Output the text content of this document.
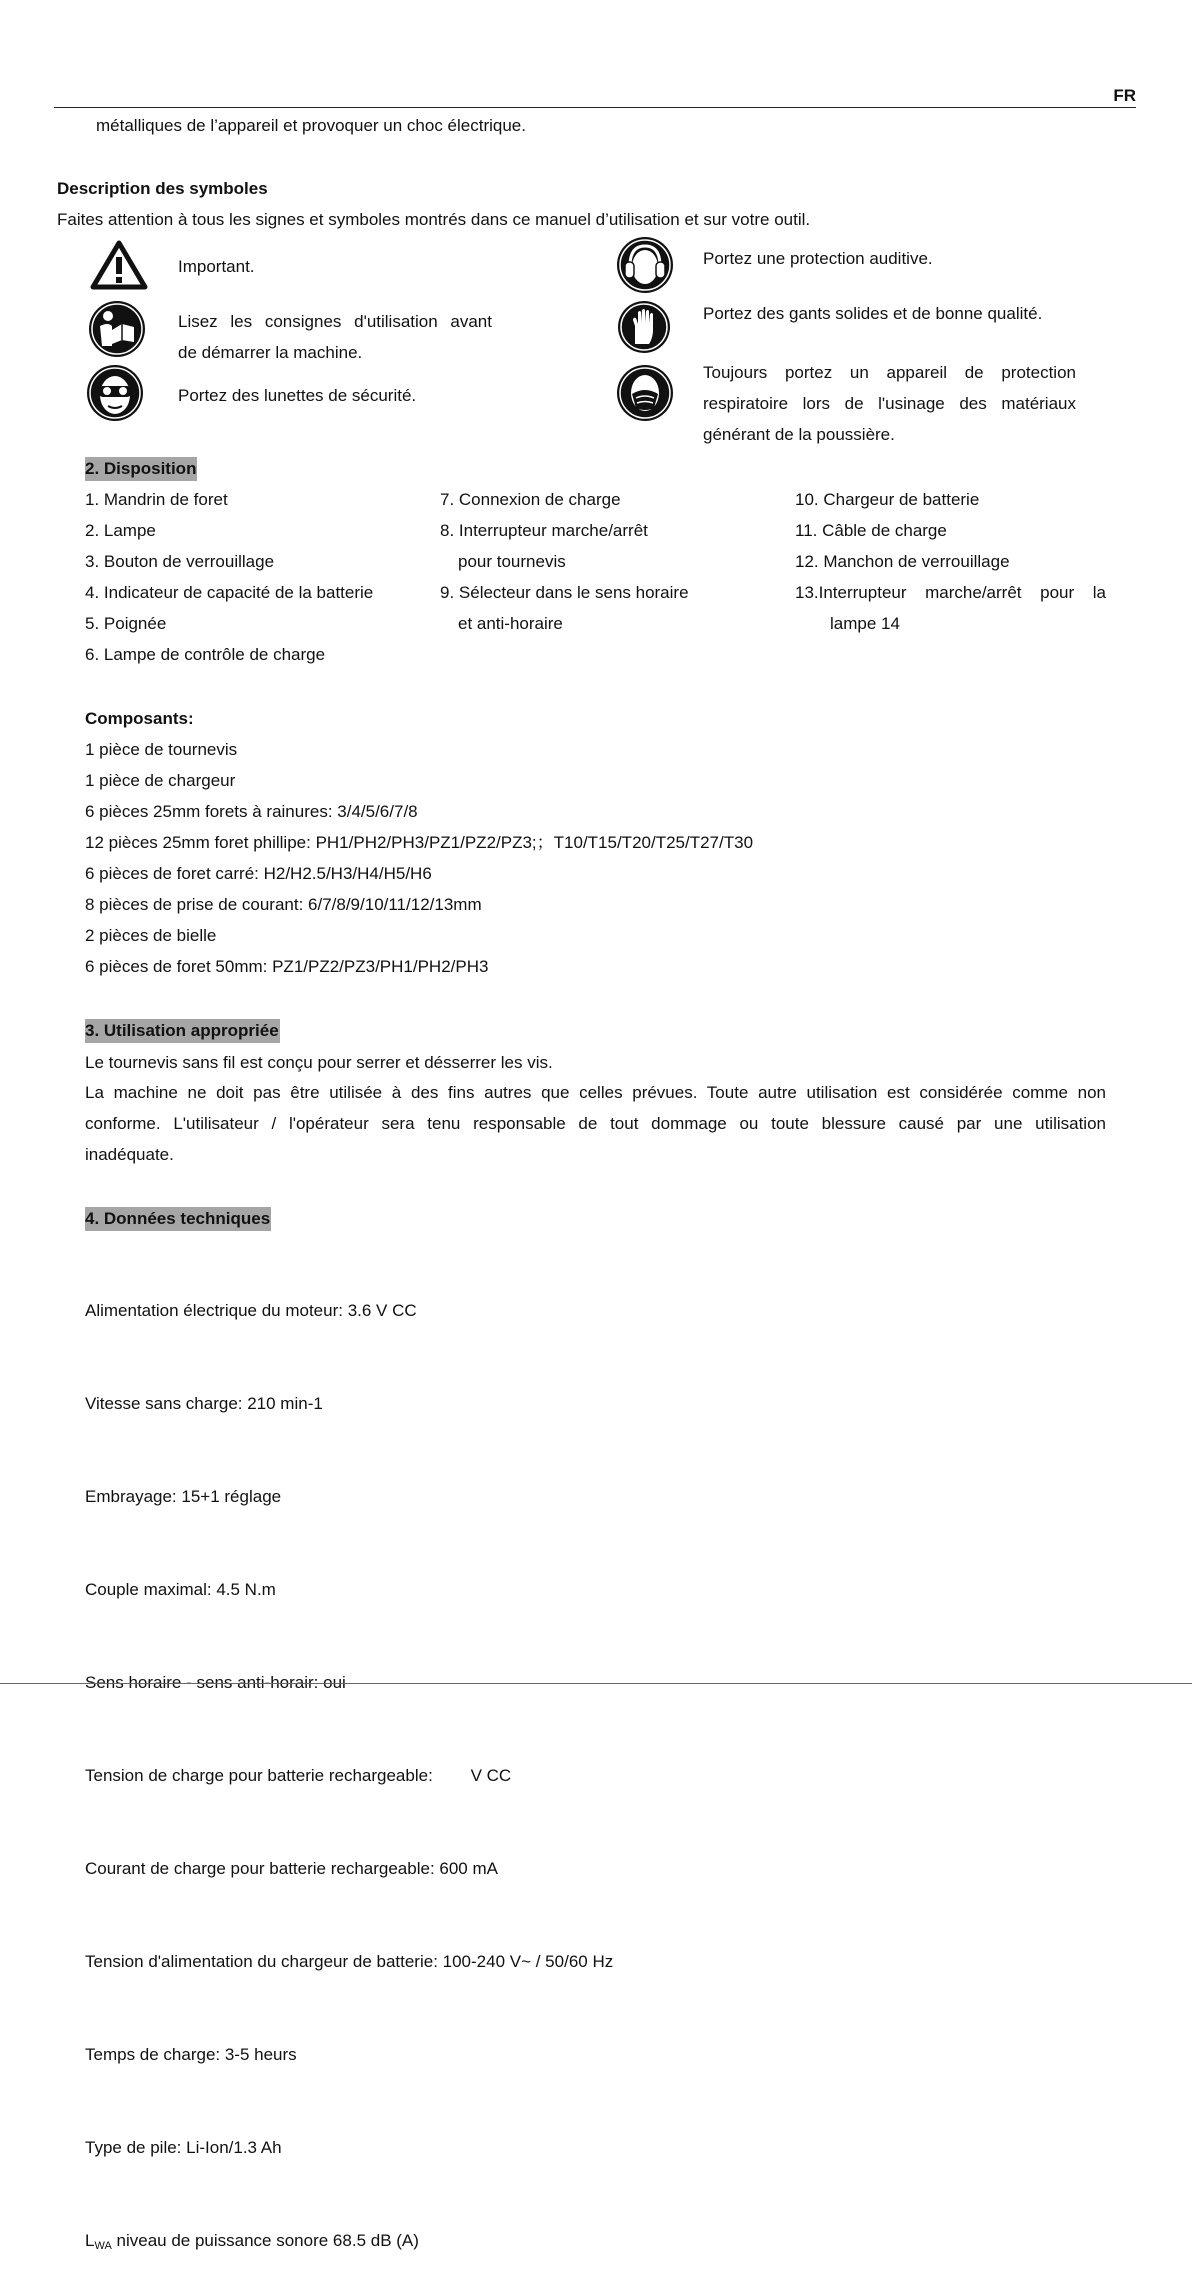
FR
métalliques de l’appareil et provoquer un choc électrique.
Description des symboles
Faites attention à tous les signes et symboles montrés dans ce manuel d’utilisation et sur votre outil.
Important.
Lisez les consignes d'utilisation avant
de démarrer la machine.
Portez des lunettes de sécurité.
Portez une protection auditive.
Portez des gants solides et de bonne qualité.
Toujours portez un appareil de protection
respiratoire lors de l'usinage des matériaux
générant de la poussière.
2. Disposition
1. Mandrin de foret
2. Lampe
3. Bouton de verrouillage
4. Indicateur de capacité de la batterie
5. Poignée
6. Lampe de contrôle de charge
7. Connexion de charge
8. Interrupteur marche/arrêt
pour tournevis
9. Sélecteur dans le sens horaire
et anti-horaire
10. Chargeur de batterie
11. Câble de charge
12. Manchon de verrouillage
13.Interrupteur marche/arrêt pour la
lampe 14
Composants:
1 pièce de tournevis
1 pièce de chargeur
6 pièces 25mm forets à rainures: 3/4/5/6/7/8
12 pièces 25mm foret phillipe: PH1/PH2/PH3/PZ1/PZ2/PZ3;；T10/T15/T20/T25/T27/T30
6 pièces de foret carré: H2/H2.5/H3/H4/H5/H6
8 pièces de prise de courant: 6/7/8/9/10/11/12/13mm
2 pièces de bielle
6 pièces de foret 50mm: PZ1/PZ2/PZ3/PH1/PH2/PH3
3. Utilisation appropriée
Le tournevis sans fil est conçu pour serrer et désserrer les vis.
La machine ne doit pas être utilisée à des fins autres que celles prévues. Toute autre utilisation est considérée comme non
conforme. L'utilisateur / l'opérateur sera tenu responsable de tout dommage ou toute blessure causé par une utilisation
inadéquate.
4. Données techniques

Alimentation électrique du moteur: 3.6 V CC

Vitesse sans charge: 210 min-1

Embrayage: 15+1 réglage

Couple maximal: 4.5 N.m

Sens horaire - sens anti-horair: oui

Tension de charge pour batterie rechargeable:        V CC

Courant de charge pour batterie rechargeable: 600 mA

Tension d'alimentation du chargeur de batterie: 100-240 V~ / 50/60 Hz

Temps de charge: 3-5 heurs

Type de pile: Li-Ion/1.3 Ah

$L_{WA}$ niveau de puissance sonore 68.5 dB (A)
